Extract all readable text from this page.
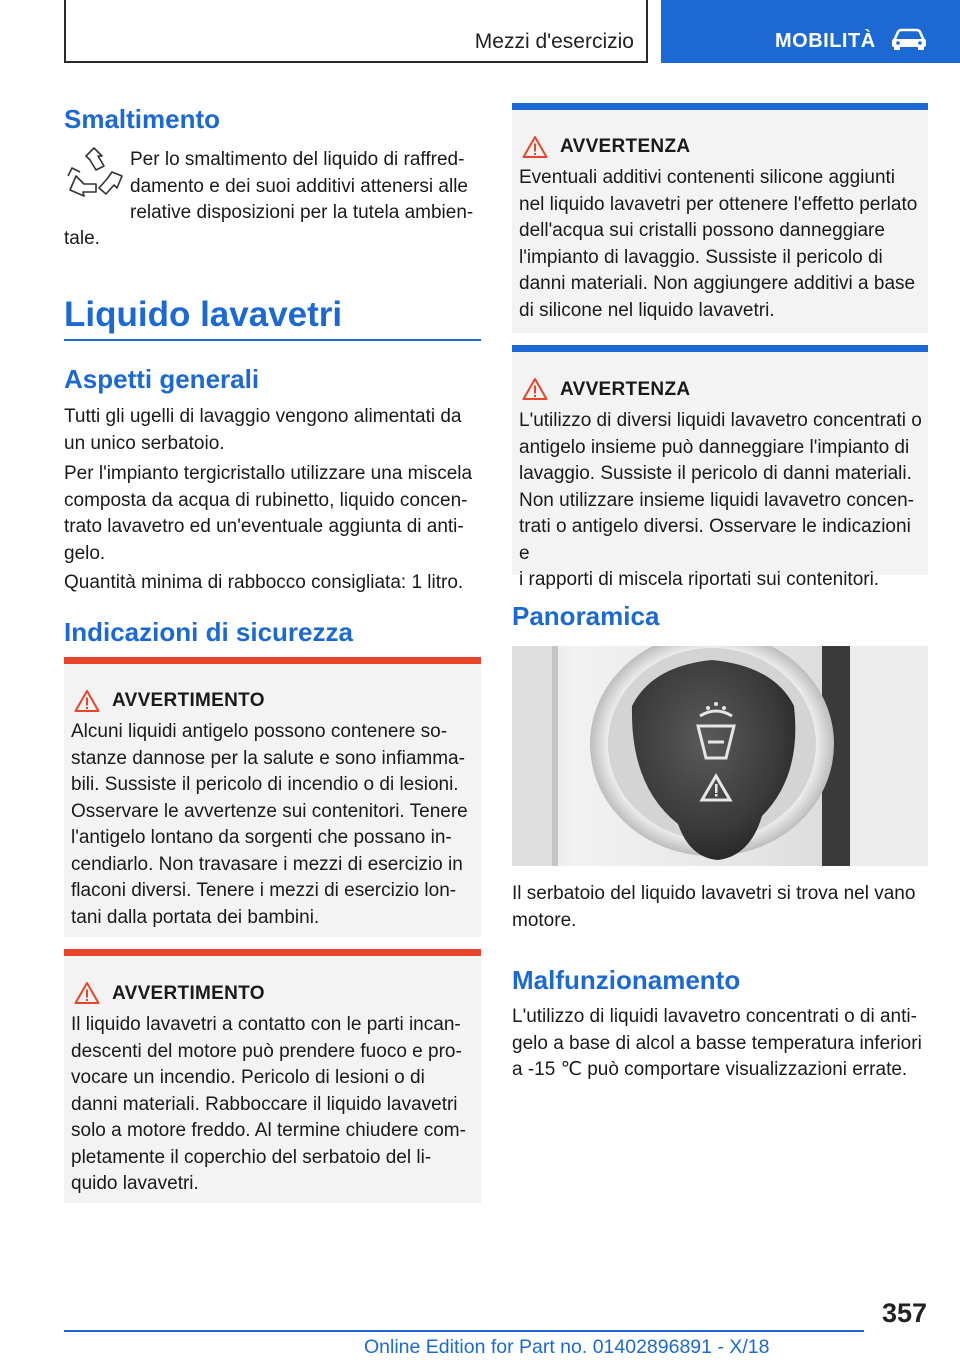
Mezzi d'esercizio	MOBILITÀ
Smaltimento
Per lo smaltimento del liquido di raffred‐
damento e dei suoi additivi attenersi alle
relative disposizioni per la tutela ambien‐
tale.
Liquido lavavetri
Aspetti generali
Tutti gli ugelli di lavaggio vengono alimentati da
un unico serbatoio.
Per l'impianto tergicristallo utilizzare una miscela
composta da acqua di rubinetto, liquido concen‐
trato lavavetro ed un'eventuale aggiunta di anti‐
gelo.
Quantità minima di rabbocco consigliata: 1 litro.
Indicazioni di sicurezza
AVVERTIMENTO
Alcuni liquidi antigelo possono contenere so‐
stanze dannose per la salute e sono infiamma‐
bili. Sussiste il pericolo di incendio o di lesioni.
Osservare le avvertenze sui contenitori. Tenere
l'antigelo lontano da sorgenti che possano in‐
cendiarlo. Non travasare i mezzi di esercizio in
flaconi diversi. Tenere i mezzi di esercizio lon‐
tani dalla portata dei bambini.
AVVERTIMENTO
Il liquido lavavetri a contatto con le parti incan‐
descenti del motore può prendere fuoco e pro‐
vocare un incendio. Pericolo di lesioni o di
danni materiali. Rabboccare il liquido lavavetri
solo a motore freddo. Al termine chiudere com‐
pletamente il coperchio del serbatoio del li‐
quido lavavetri.
AVVERTENZA
Eventuali additivi contenenti silicone aggiunti
nel liquido lavavetri per ottenere l'effetto perlato
dell'acqua sui cristalli possono danneggiare
l'impianto di lavaggio. Sussiste il pericolo di
danni materiali. Non aggiungere additivi a base
di silicone nel liquido lavavetri.
AVVERTENZA
L'utilizzo di diversi liquidi lavavetro concentrati o
antigelo insieme può danneggiare l'impianto di
lavaggio. Sussiste il pericolo di danni materiali.
Non utilizzare insieme liquidi lavavetro concen‐
trati o antigelo diversi. Osservare le indicazioni e
i rapporti di miscela riportati sui contenitori.
Panoramica
Il serbatoio del liquido lavavetri si trova nel vano
motore.
Malfunzionamento
L'utilizzo di liquidi lavavetro concentrati o di anti‐
gelo a base di alcol a basse temperatura inferiori
a -15 ℃ può comportare visualizzazioni errate.
357
Online Edition for Part no. 01402896891 - X/18
